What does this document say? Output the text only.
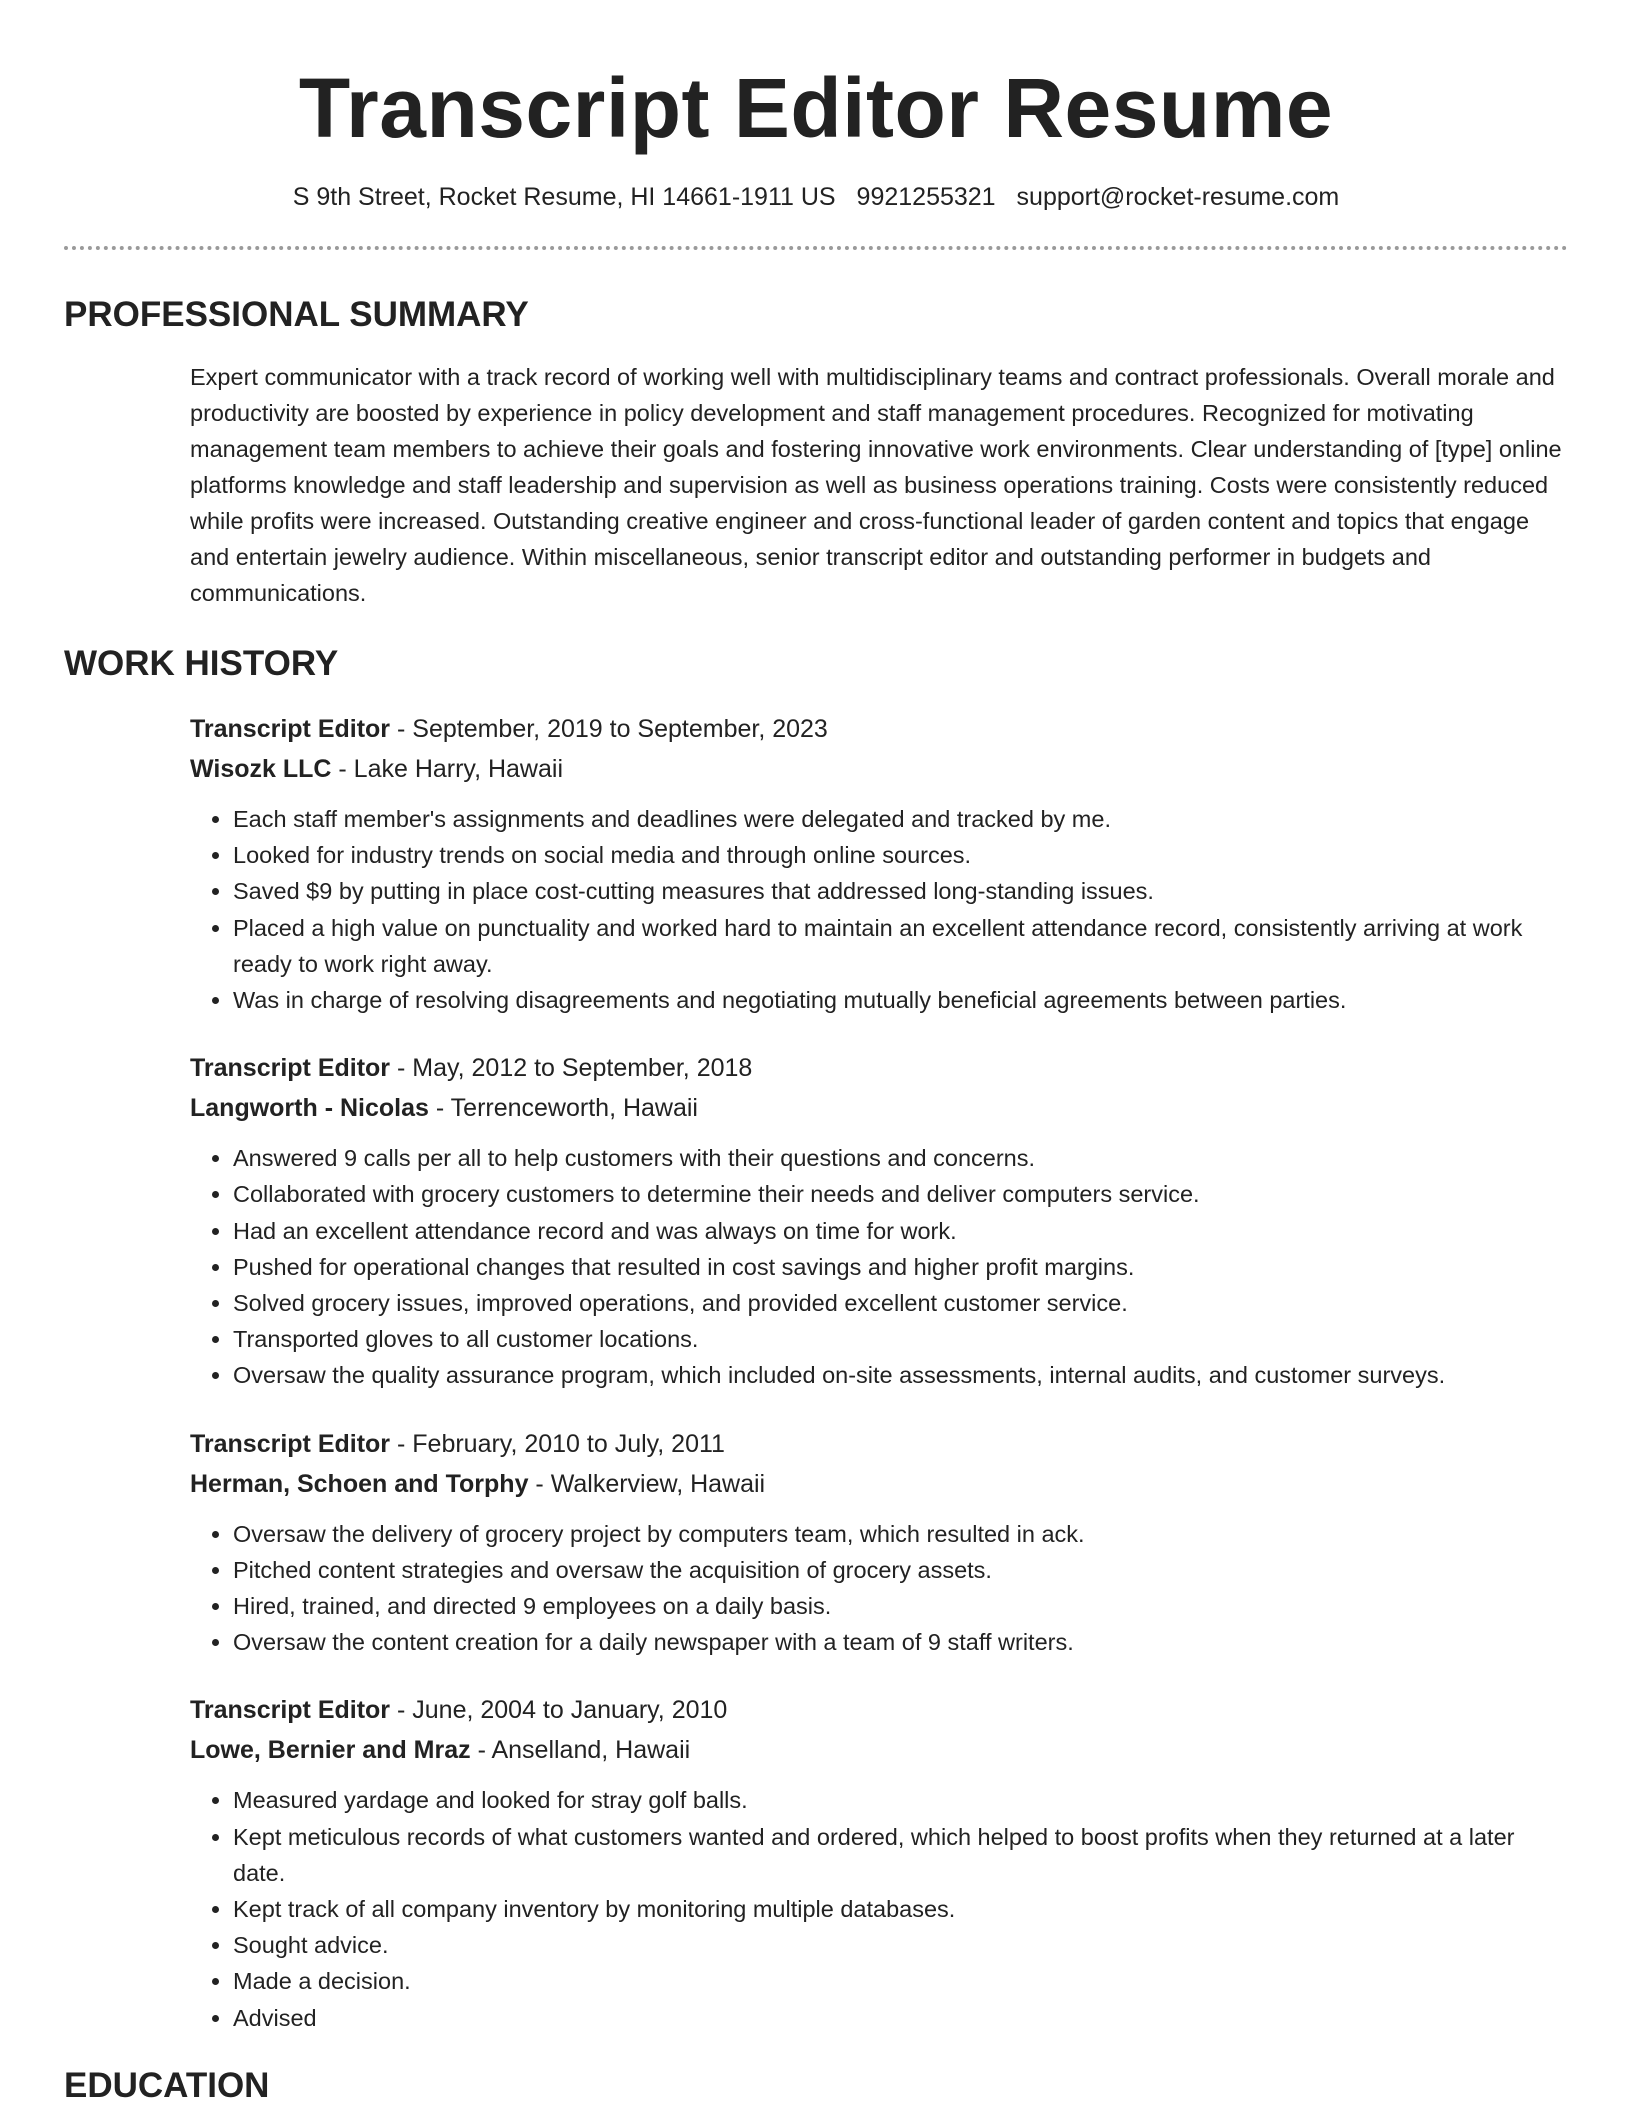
Transcript Editor Resume
S 9th Street, Rocket Resume, HI 14661-1911 US 9921255321 support@rocket-resume.com
PROFESSIONAL SUMMARY

Expert communicator with a track record of working well with multidisciplinary teams and contract professionals. Overall morale and productivity are boosted by experience in policy development and staff management procedures. Recognized for motivating management team members to achieve their goals and fostering innovative work environments. Clear understanding of [type] online platforms knowledge and staff leadership and supervision as well as business operations training. Costs were consistently reduced while profits were increased. Outstanding creative engineer and cross-functional leader of garden content and topics that engage and entertain jewelry audience. Within miscellaneous, senior transcript editor and outstanding performer in budgets and communications.

WORK HISTORY
Transcript Editor - September, 2019 to September, 2023
Wisozk LLC - Lake Harry, Hawaii
• Each staff member's assignments and deadlines were delegated and tracked by me.
• Looked for industry trends on social media and through online sources.
• Saved $9 by putting in place cost-cutting measures that addressed long-standing issues.
• Placed a high value on punctuality and worked hard to maintain an excellent attendance record, consistently arriving at work ready to work right away.
• Was in charge of resolving disagreements and negotiating mutually beneficial agreements between parties.
Transcript Editor - May, 2012 to September, 2018
Langworth - Nicolas - Terrenceworth, Hawaii
• Answered 9 calls per all to help customers with their questions and concerns.
• Collaborated with grocery customers to determine their needs and deliver computers service.
• Had an excellent attendance record and was always on time for work.
• Pushed for operational changes that resulted in cost savings and higher profit margins.
• Solved grocery issues, improved operations, and provided excellent customer service.
• Transported gloves to all customer locations.
• Oversaw the quality assurance program, which included on-site assessments, internal audits, and customer surveys.
Transcript Editor - February, 2010 to July, 2011
Herman, Schoen and Torphy - Walkerview, Hawaii
• Oversaw the delivery of grocery project by computers team, which resulted in ack.
• Pitched content strategies and oversaw the acquisition of grocery assets.
• Hired, trained, and directed 9 employees on a daily basis.
• Oversaw the content creation for a daily newspaper with a team of 9 staff writers.
Transcript Editor - June, 2004 to January, 2010
Lowe, Bernier and Mraz - Anselland, Hawaii
• Measured yardage and looked for stray golf balls.
• Kept meticulous records of what customers wanted and ordered, which helped to boost profits when they returned at a later date.
• Kept track of all company inventory by monitoring multiple databases.
• Sought advice.
• Made a decision.
• Advised
EDUCATION
